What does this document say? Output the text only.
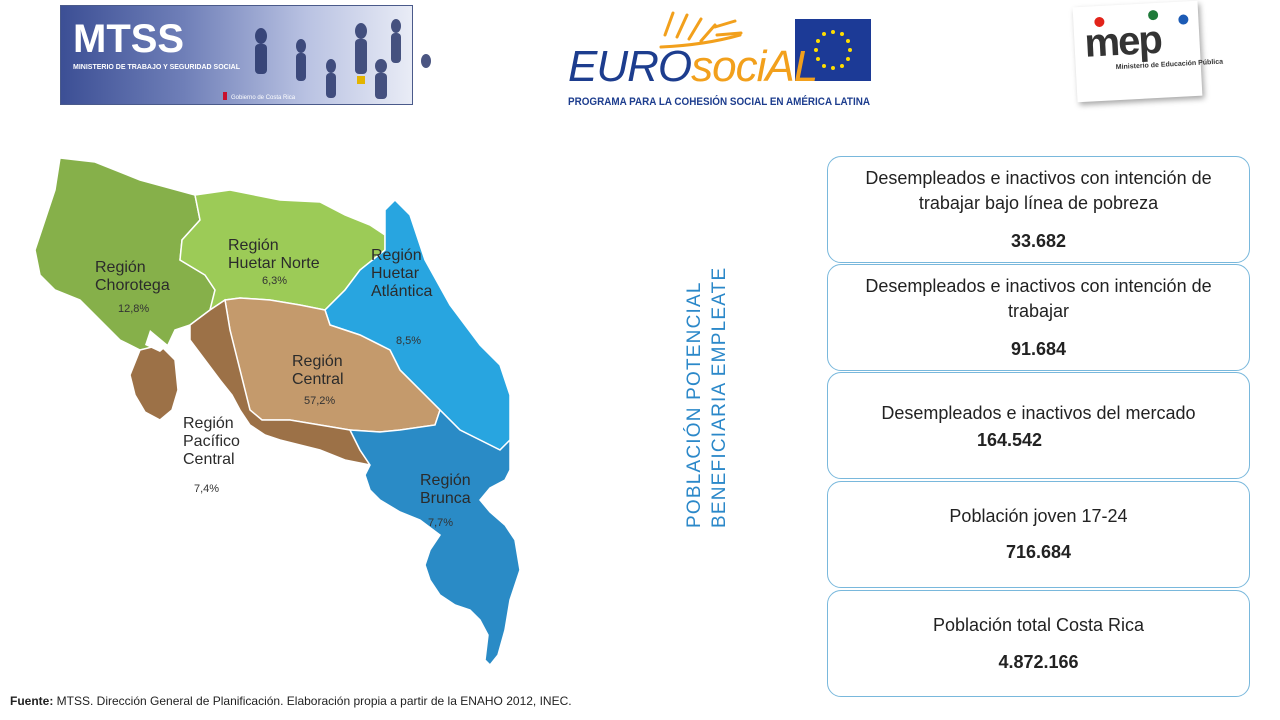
MTSS
MINISTERIO DE TRABAJO Y SEGURIDAD SOCIAL
Gobierno de Costa Rica
EUROsociAL
PROGRAMA PARA LA COHESIÓN SOCIAL EN AMÉRICA LATINA
mep
Ministerio de Educación Pública
Región
Chorotega
12,8%
Región
Huetar Norte
6,3%
Región
Huetar
Atlántica
8,5%
Región
Central
57,2%
Región
Pacífico
Central
7,4%	Región
Brunca
7,7%	POBLACIÓN POTENCIAL BENEFICIARIA EMPLEATE
Desempleados e inactivos con intención de trabajar bajo línea de pobreza
33.682
Desempleados e inactivos con intención de trabajar
91.684
Desempleados e inactivos del mercado
164.542
Población joven 17-24
716.684
Población total Costa Rica
4.872.166
Fuente: MTSS. Dirección General de Planificación. Elaboración propia a partir de la ENAHO 2012, INEC.
